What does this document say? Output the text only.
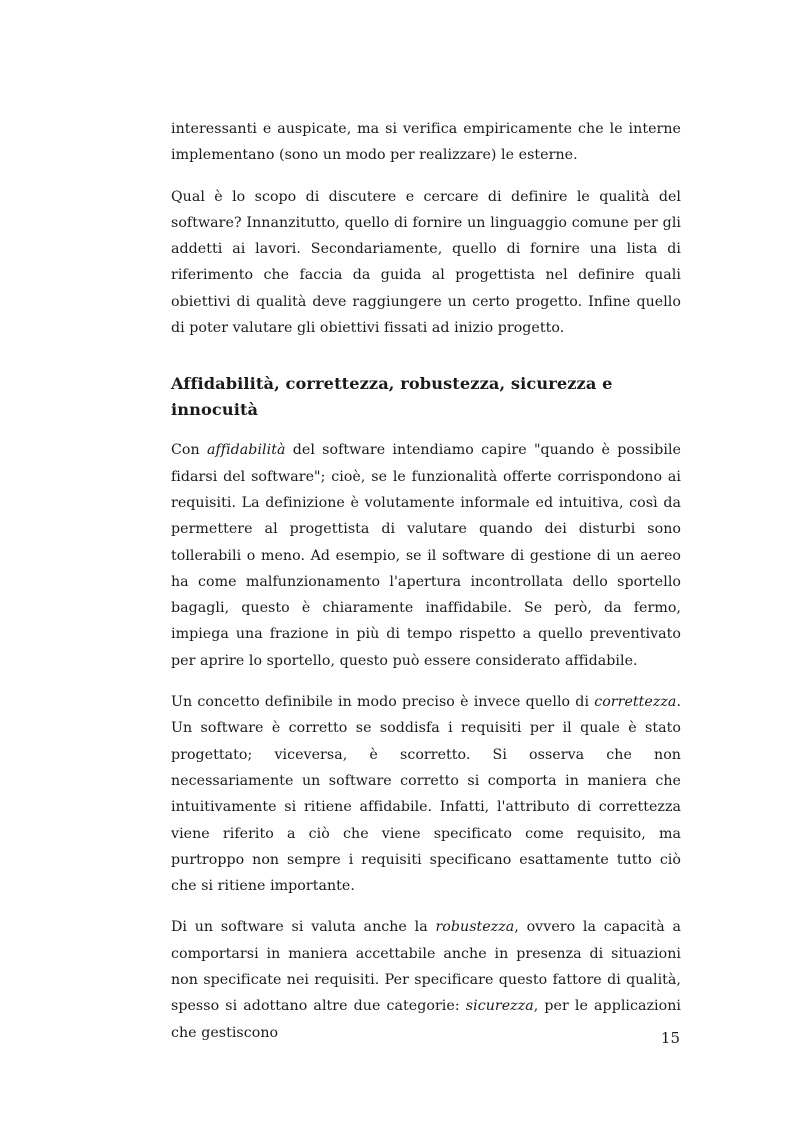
interessanti e auspicate, ma si verifica empiricamente che le interne implementano (sono un modo per realizzare) le esterne.

Qual è lo scopo di discutere e cercare di definire le qualità del software? Innanzitutto, quello di fornire un linguaggio comune per gli addetti ai lavori. Secondariamente, quello di fornire una lista di riferimento che faccia da guida al progettista nel definire quali obiettivi di qualità deve raggiungere un certo progetto. Infine quello di poter valutare gli obiettivi fissati ad inizio progetto.

Affidabilità, correttezza, robustezza, sicurezza e innocuità

Con affidabilità del software intendiamo capire "quando è possibile fidarsi del software"; cioè, se le funzionalità offerte corrispondono ai requisiti. La definizione è volutamente informale ed intuitiva, così da permettere al progettista di valutare quando dei disturbi sono tollerabili o meno. Ad esempio, se il software di gestione di un aereo ha come malfunzionamento l'apertura incontrollata dello sportello bagagli, questo è chiaramente inaffidabile. Se però, da fermo, impiega una frazione in più di tempo rispetto a quello preventivato per aprire lo sportello, questo può essere considerato affidabile.

Un concetto definibile in modo preciso è invece quello di correttezza. Un software è corretto se soddisfa i requisiti per il quale è stato progettato; viceversa, è scorretto. Si osserva che non necessariamente un software corretto si comporta in maniera che intuitivamente si ritiene affidabile. Infatti, l'attributo di correttezza viene riferito a ciò che viene specificato come requisito, ma purtroppo non sempre i requisiti specificano esattamente tutto ciò che si ritiene importante.

Di un software si valuta anche la robustezza, ovvero la capacità a comportarsi in maniera accettabile anche in presenza di situazioni non specificate nei requisiti. Per specificare questo fattore di qualità, spesso si adottano altre due categorie: sicurezza, per le applicazioni che gestiscono	15
